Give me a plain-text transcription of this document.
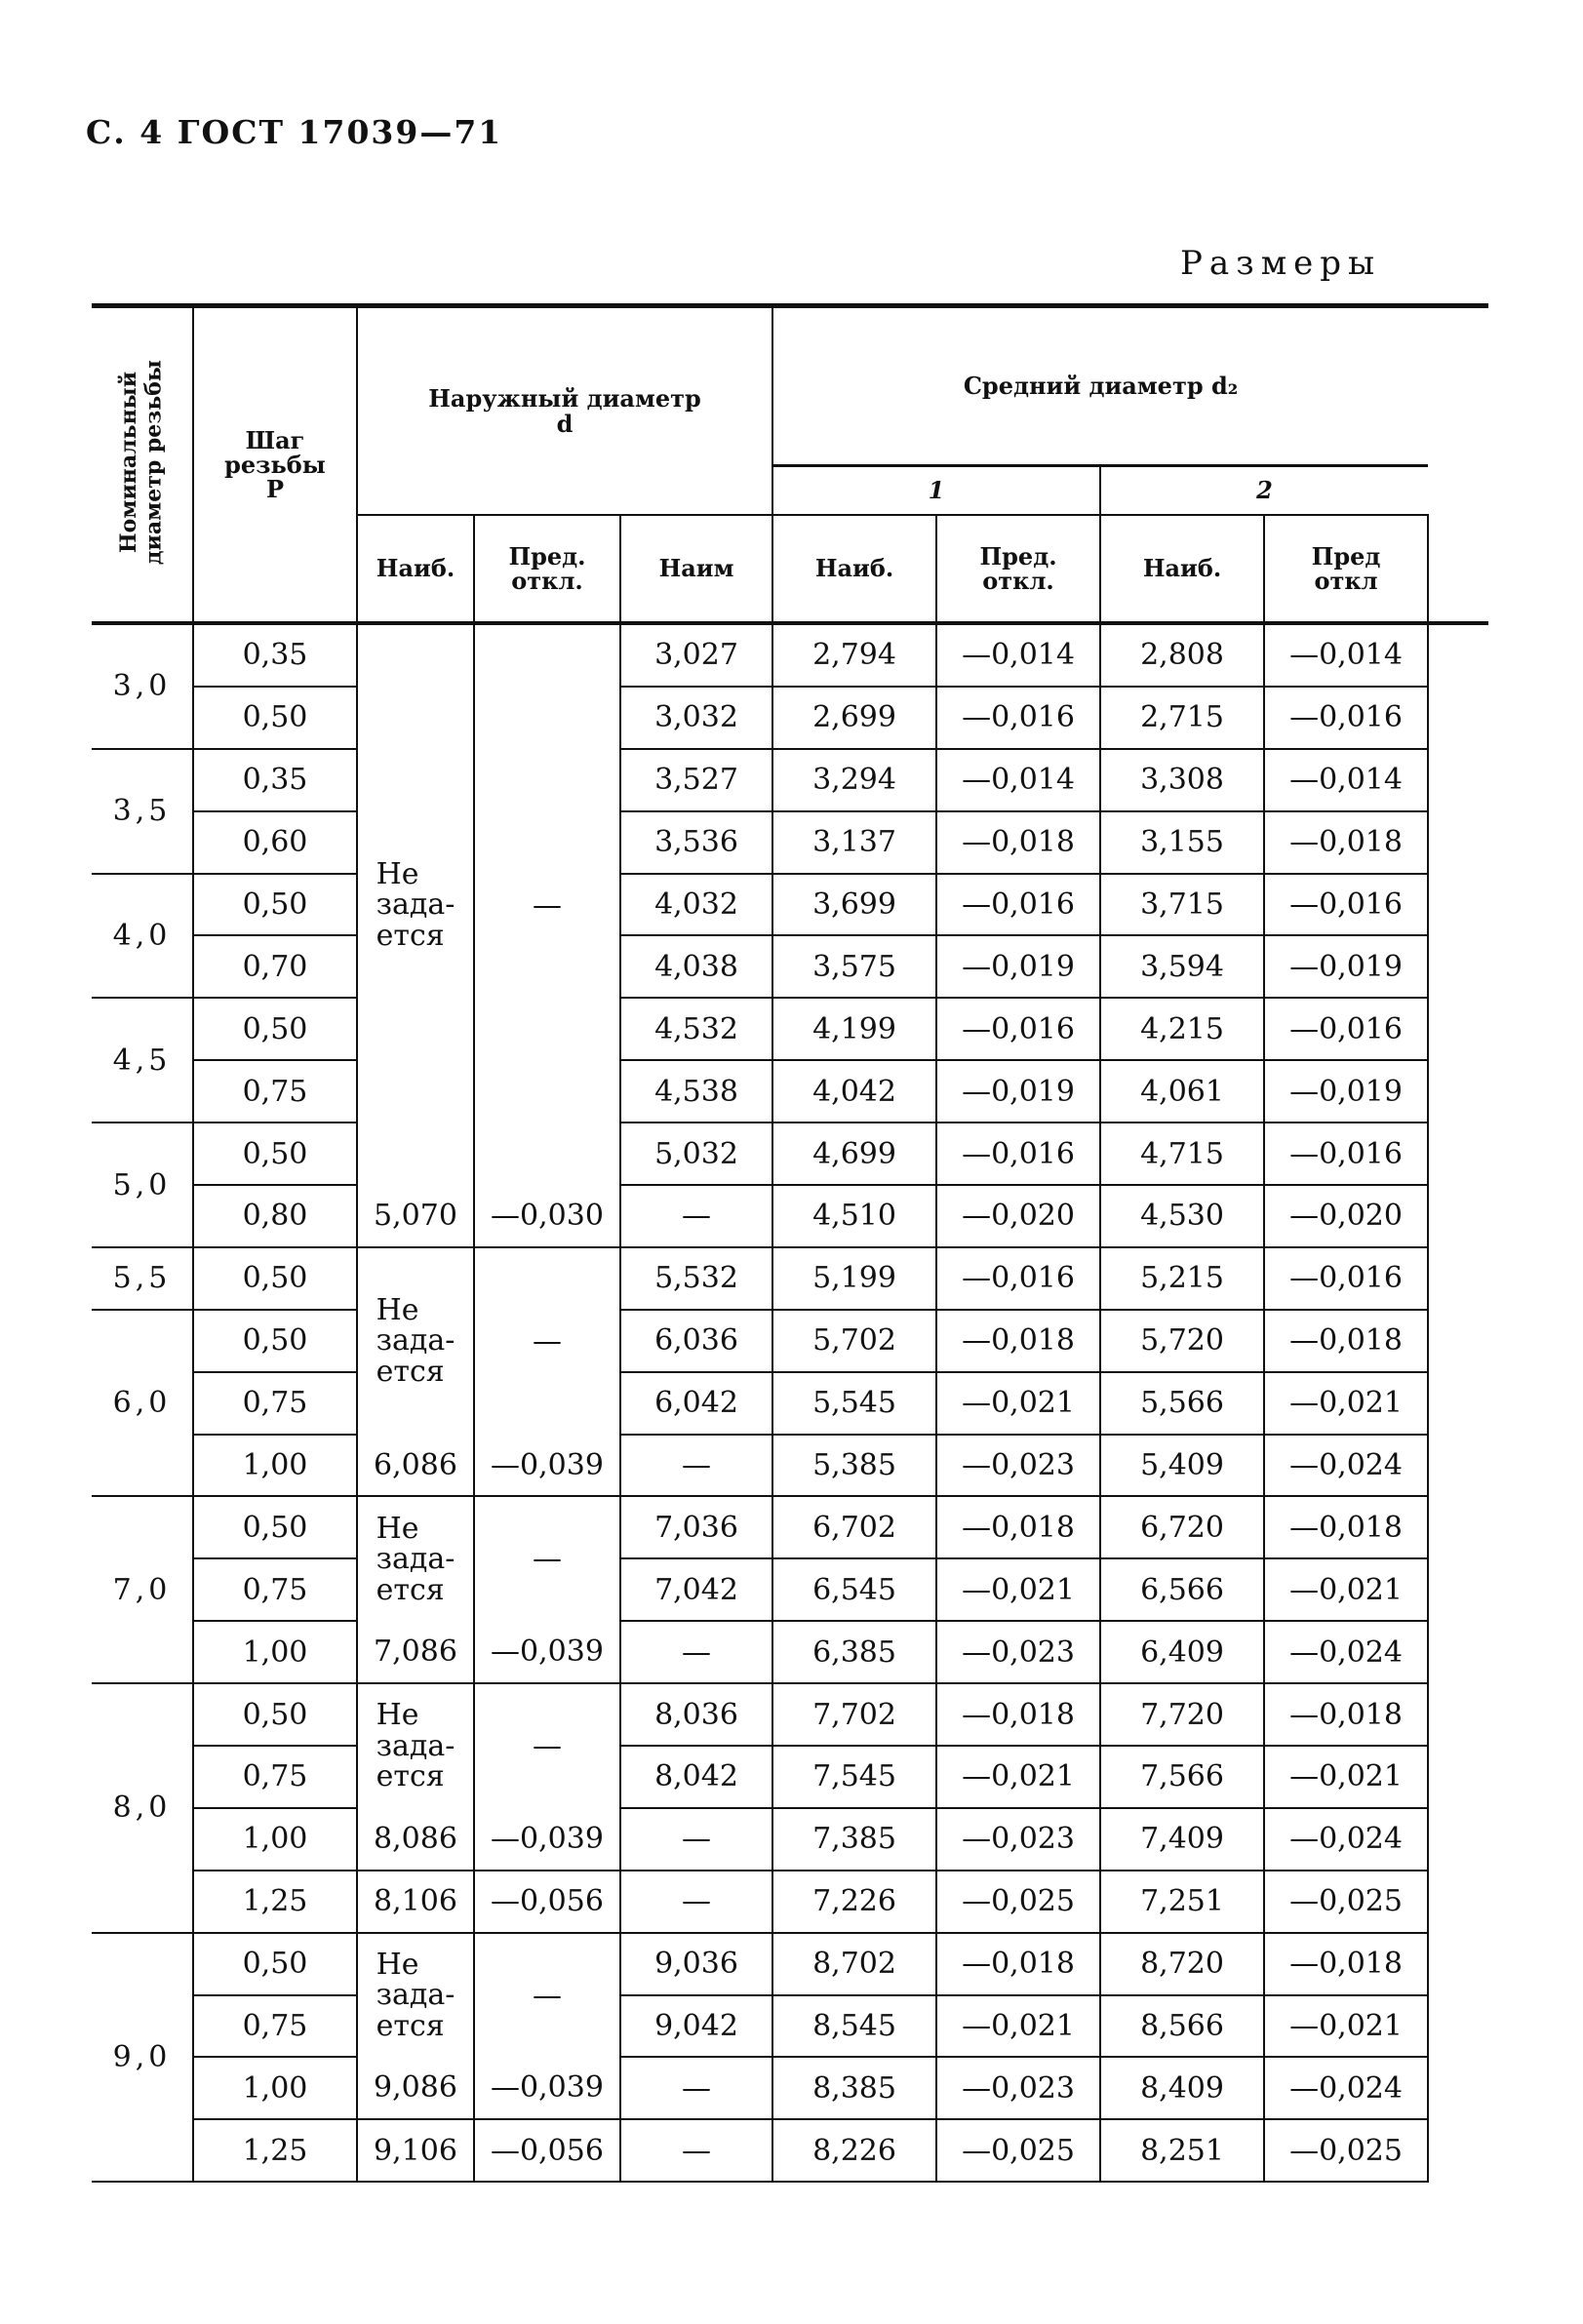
С. 4 ГОСТ 17039—71
Размеры
Номинальный
диаметр резьбы	Шаг
резьбы
P	Наружный диаметр
d			Средний диаметр d₂				
					1		2		
		Наиб.	Пред.
откл.	Наим	Наиб.	Пред.
откл.	Наиб.	Пред
откл	
3,0	0,35	Не
зада-
ется	—	3,027	2,794	—0,014	2,808	—0,014	
	0,50			3,032	2,699	—0,016	2,715	—0,016	
3,5	0,35			3,527	3,294	—0,014	3,308	—0,014	
	0,60			3,536	3,137	—0,018	3,155	—0,018	
4,0	0,50			4,032	3,699	—0,016	3,715	—0,016	
	0,70			4,038	3,575	—0,019	3,594	—0,019	
4,5	0,50			4,532	4,199	—0,016	4,215	—0,016	
	0,75			4,538	4,042	—0,019	4,061	—0,019	
5,0	0,50			5,032	4,699	—0,016	4,715	—0,016	
	0,80	5,070	—0,030	—	4,510	—0,020	4,530	—0,020	
5,5	0,50	Не
зада-
ется	—	5,532	5,199	—0,016	5,215	—0,016	
6,0	0,50			6,036	5,702	—0,018	5,720	—0,018	
	0,75			6,042	5,545	—0,021	5,566	—0,021	
	1,00	6,086	—0,039	—	5,385	—0,023	5,409	—0,024	
7,0	0,50	Не
зада-
ется	—	7,036	6,702	—0,018	6,720	—0,018	
	0,75			7,042	6,545	—0,021	6,566	—0,021	
	1,00	7,086	—0,039	—	6,385	—0,023	6,409	—0,024	
8,0	0,50	Не
зада-
ется	—	8,036	7,702	—0,018	7,720	—0,018	
	0,75			8,042	7,545	—0,021	7,566	—0,021	
	1,00	8,086	—0,039	—	7,385	—0,023	7,409	—0,024	
	1,25	8,106	—0,056	—	7,226	—0,025	7,251	—0,025	
9,0	0,50	Не
зада-
ется	—	9,036	8,702	—0,018	8,720	—0,018	
	0,75			9,042	8,545	—0,021	8,566	—0,021	
	1,00	9,086	—0,039	—	8,385	—0,023	8,409	—0,024	
	1,25	9,106	—0,056	—	8,226	—0,025	8,251	—0,025	
